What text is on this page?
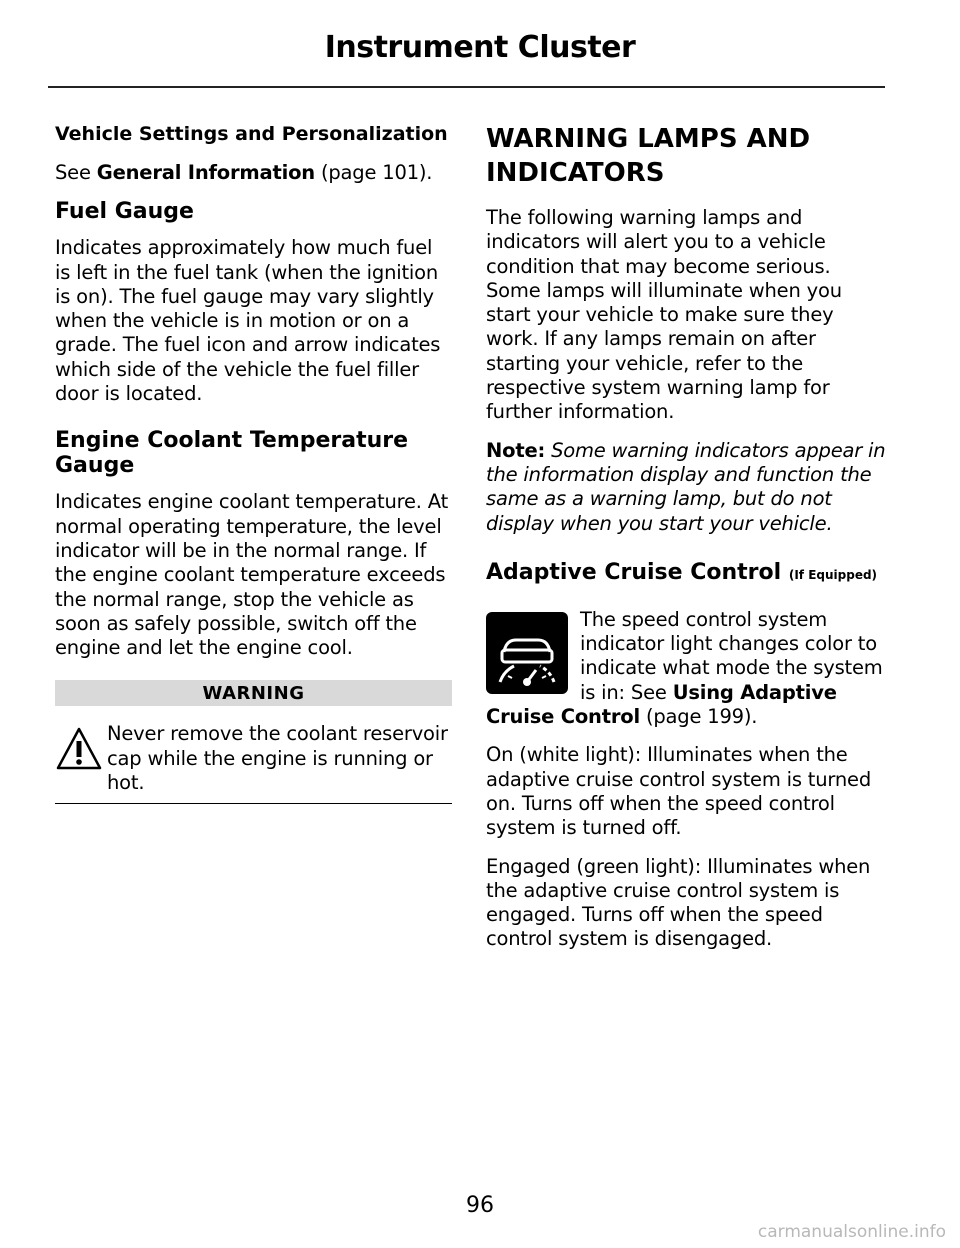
Instrument Cluster
Vehicle Settings and Personalization

See General Information (page 101).

Fuel Gauge

Indicates approximately how much fuel is left in the fuel tank (when the ignition is on). The fuel gauge may vary slightly when the vehicle is in motion or on a grade. The fuel icon and arrow indicates which side of the vehicle the fuel filler door is located.

Engine Coolant Temperature Gauge

Indicates engine coolant temperature. At normal operating temperature, the level indicator will be in the normal range. If the engine coolant temperature exceeds the normal range, stop the vehicle as soon as safely possible, switch off the engine and let the engine cool.

WARNING

Never remove the coolant reservoir cap while the engine is running or hot.

WARNING LAMPS AND INDICATORS

The following warning lamps and indicators will alert you to a vehicle condition that may become serious. Some lamps will illuminate when you start your vehicle to make sure they work. If any lamps remain on after starting your vehicle, refer to the respective system warning lamp for further information.

Note: Some warning indicators appear in the information display and function the same as a warning lamp, but do not display when you start your vehicle.

Adaptive Cruise Control (If Equipped)

The speed control system indicator light changes color to indicate what mode the system is in: See Using Adaptive Cruise Control (page 199).

On (white light): Illuminates when the adaptive cruise control system is turned on. Turns off when the speed control system is turned off.

Engaged (green light): Illuminates when the adaptive cruise control system is engaged. Turns off when the speed control system is disengaged.

96
carmanualsonline.info
